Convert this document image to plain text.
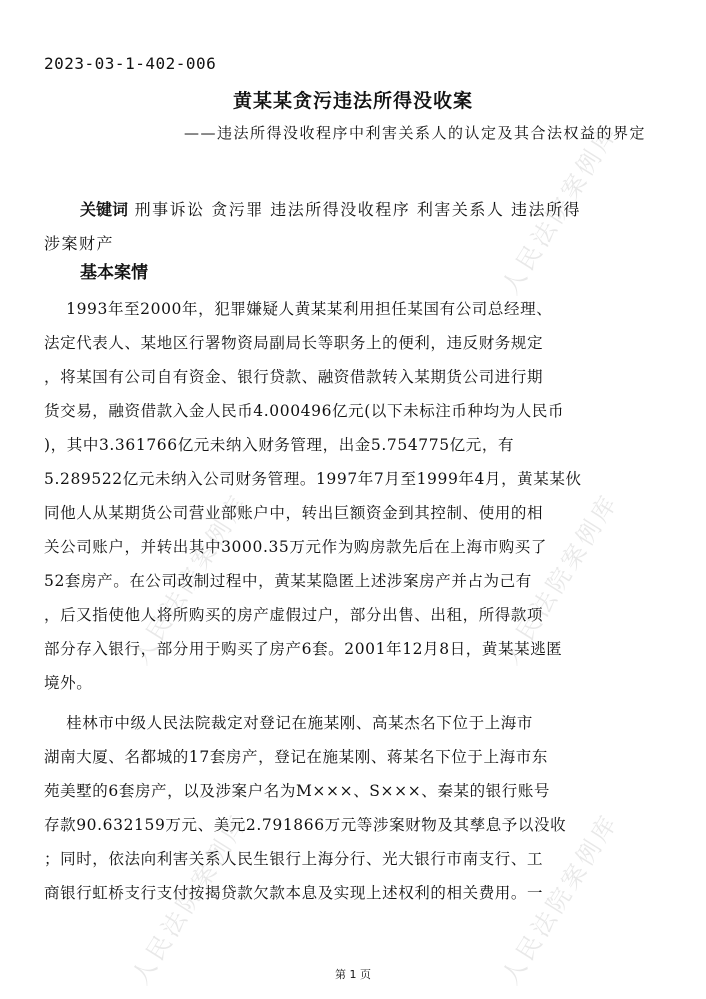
人民法院案例库
人民法院案例库	人民法院案例库
人民法院案例库	人民法院案例库
2023-03-1-402-006
黄某某贪污违法所得没收案
——违法所得没收程序中利害关系人的认定及其合法权益的界定
关键词 刑事诉讼 贪污罪 违法所得没收程序 利害关系人 违法所得
涉案财产
基本案情
1993年至2000年，犯罪嫌疑人黄某某利用担任某国有公司总经理、
法定代表人、某地区行署物资局副局长等职务上的便利，违反财务规定
，将某国有公司自有资金、银行贷款、融资借款转入某期货公司进行期
货交易，融资借款入金人民币4.000496亿元(以下未标注币种均为人民币
)，其中3.361766亿元未纳入财务管理，出金5.754775亿元，有
5.289522亿元未纳入公司财务管理。1997年7月至1999年4月，黄某某伙
同他人从某期货公司营业部账户中，转出巨额资金到其控制、使用的相
关公司账户，并转出其中3000.35万元作为购房款先后在上海市购买了
52套房产。在公司改制过程中，黄某某隐匿上述涉案房产并占为己有
，后又指使他人将所购买的房产虚假过户，部分出售、出租，所得款项
部分存入银行，部分用于购买了房产6套。2001年12月8日，黄某某逃匿
境外。
桂林市中级人民法院裁定对登记在施某刚、高某杰名下位于上海市
湖南大厦、名都城的17套房产，登记在施某刚、蒋某名下位于上海市东
苑美墅的6套房产，以及涉案户名为M×××、S×××、秦某的银行账号
存款90.632159万元、美元2.791866万元等涉案财物及其孳息予以没收
；同时，依法向利害关系人民生银行上海分行、光大银行市南支行、工
商银行虹桥支行支付按揭贷款欠款本息及实现上述权利的相关费用。一
第 1 页
